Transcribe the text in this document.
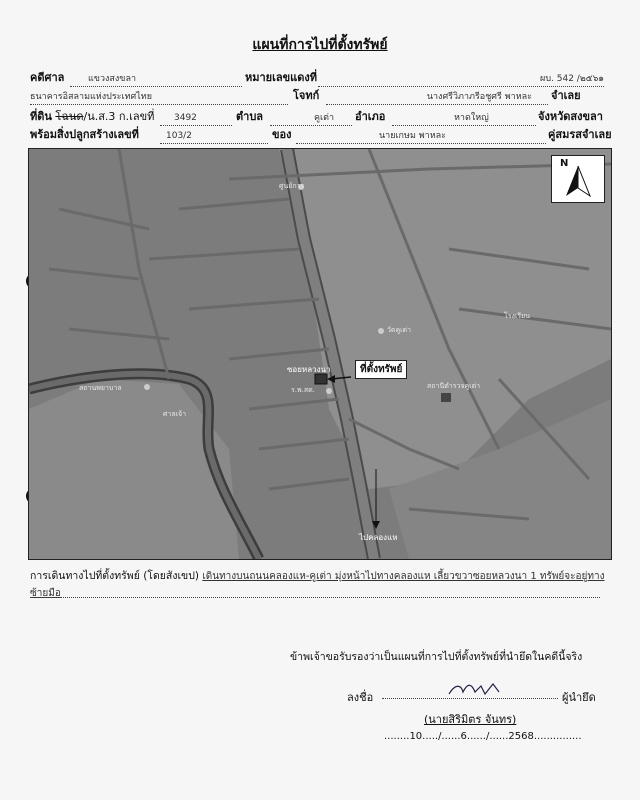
แผนที่การไปที่ตั้งทรัพย์
คดีศาล	แขวงสงขลา	หมายเลขแดงที่	ผบ. 542 /๒๕๖๑
ธนาคารอิสลามแห่งประเทศไทย	โจทก์	นางศรีวิภาภรีอชูศรี พาหละ	จำเลย
ที่ดิน โฉนด/น.ส.3 ก.เลขที่	3492	ตำบล	คูเต่า	อำเภอ	หาดใหญ่	จังหวัดสงขลา
พร้อมสิ่งปลูกสร้างเลขที่	103/2	ของ	นายเกษม พาหละ	คู่สมรสจำเลย
ศูนย์การ
สถานพยาบาล
ศาลเจ้า
ร.พ.สต.	สถานีตำรวจคูเต่า
วัดคูเต่า
โรงเรียน
ซอยหลวงนา	ที่ตั้งทรัพย์
ไปคลองแห
N
การเดินทางไปที่ตั้งทรัพย์ (โดยสังเขป) เดินทางบนถนนคลองแห-คูเต่า มุ่งหน้าไปทางคลองแห เลี้ยวขวาซอยหลวงนา 1 ทรัพย์จะอยู่ทางซ้ายมือ
ข้าพเจ้าขอรับรองว่าเป็นแผนที่การไปที่ตั้งทรัพย์ที่นำยึดในคดีนี้จริง
ลงชื่อ	ผู้นำยึด
(นายสิริมิตร จันทร)
........10...../......6....../......2568...............
